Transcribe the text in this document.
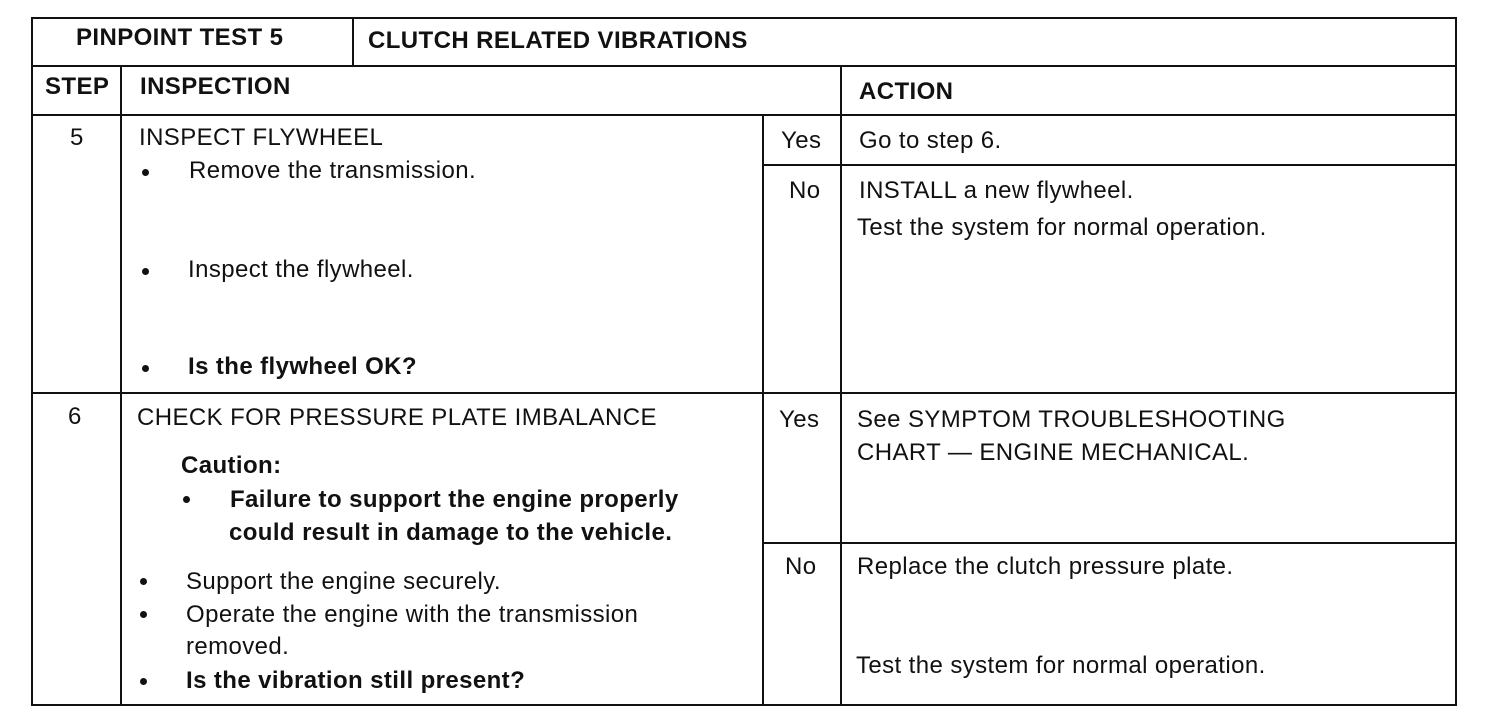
PINPOINT TEST 5	CLUTCH RELATED VIBRATIONS
STEP INSPECTION	ACTION
5 INSPECT FLYWHEEL
Remove the transmission.
Inspect the flywheel.
Is the flywheel OK?
Yes Go to step 6.
No INSTALL a new flywheel.
Test the system for normal operation.
6 CHECK FOR PRESSURE PLATE IMBALANCE
Caution:
Failure to support the engine properly
could result in damage to the vehicle.
Support the engine securely.
Operate the engine with the transmission
removed.
Is the vibration still present?
Yes See SYMPTOM TROUBLESHOOTING
CHART — ENGINE MECHANICAL.
No Replace the clutch pressure plate.
Test the system for normal operation.
